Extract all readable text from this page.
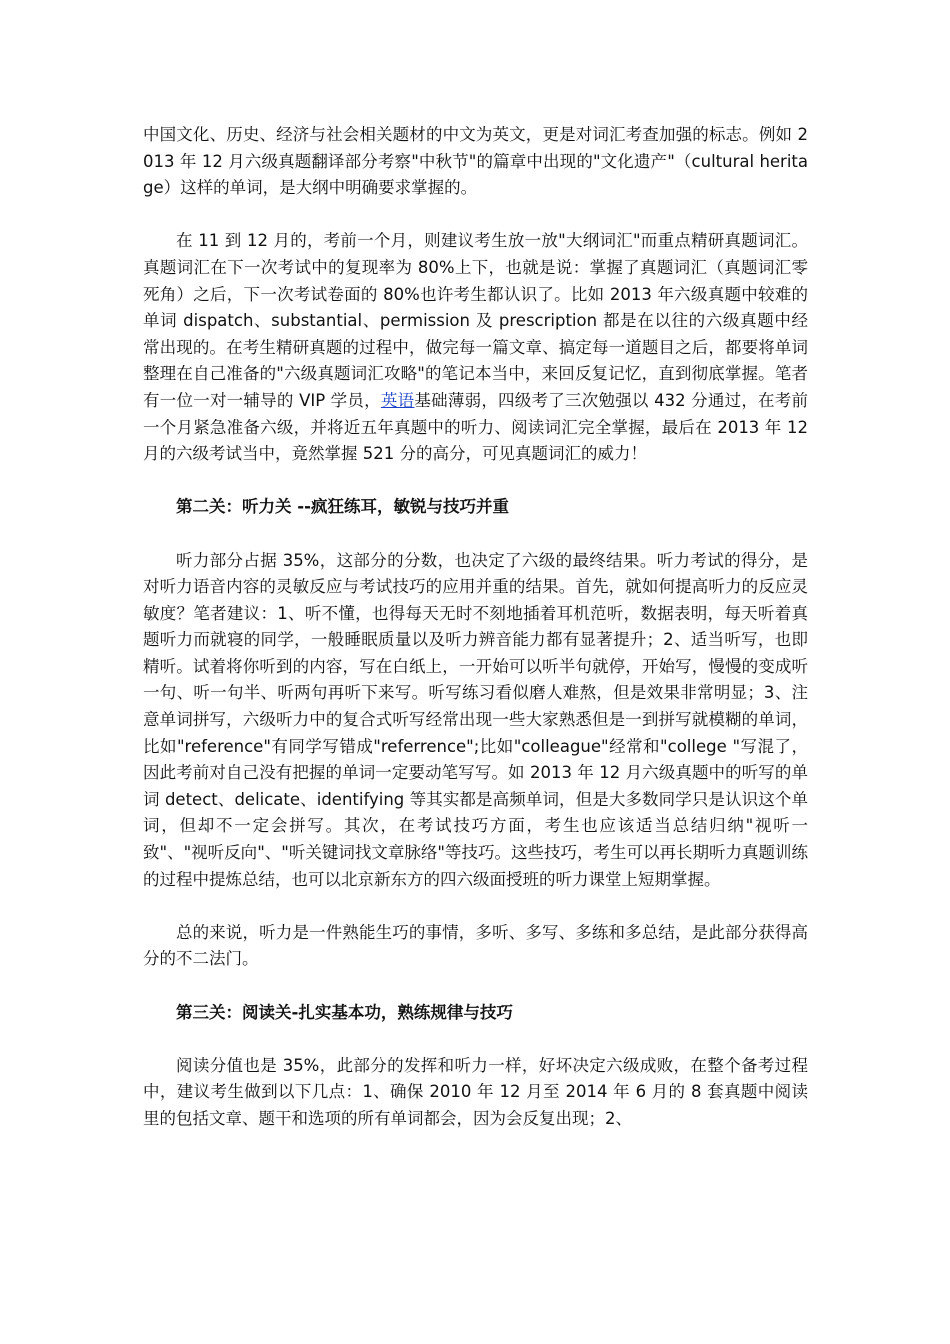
中国文化、历史、经济与社会相关题材的中文为英文，更是对词汇考查加强的标志。例如 2013 年 12 月六级真题翻译部分考察"中秋节"的篇章中出现的"文化遗产"（cultural heritage）这样的单词，是大纲中明确要求掌握的。

在 11 到 12 月的，考前一个月，则建议考生放一放"大纲词汇"而重点精研真题词汇。真题词汇在下一次考试中的复现率为 80%上下，也就是说：掌握了真题词汇（真题词汇零死角）之后，下一次考试卷面的 80%也许考生都认识了。比如 2013 年六级真题中较难的单词 dispatch、substantial、permission 及 prescription 都是在以往的六级真题中经常出现的。在考生精研真题的过程中，做完每一篇文章、搞定每一道题目之后，都要将单词整理在自己准备的"六级真题词汇攻略"的笔记本当中，来回反复记忆，直到彻底掌握。笔者有一位一对一辅导的 VIP 学员，英语基础薄弱，四级考了三次勉强以 432 分通过，在考前一个月紧急准备六级，并将近五年真题中的听力、阅读词汇完全掌握，最后在 2013 年 12 月的六级考试当中，竟然掌握 521 分的高分，可见真题词汇的威力！

第二关：听力关 --疯狂练耳，敏锐与技巧并重

听力部分占据 35%，这部分的分数，也决定了六级的最终结果。听力考试的得分，是对听力语音内容的灵敏反应与考试技巧的应用并重的结果。首先，就如何提高听力的反应灵敏度？笔者建议：1、听不懂，也得每天无时不刻地插着耳机范听，数据表明，每天听着真题听力而就寝的同学，一般睡眠质量以及听力辨音能力都有显著提升；2、适当听写，也即精听。试着将你听到的内容，写在白纸上，一开始可以听半句就停，开始写，慢慢的变成听一句、听一句半、听两句再听下来写。听写练习看似磨人难熬，但是效果非常明显；3、注意单词拼写，六级听力中的复合式听写经常出现一些大家熟悉但是一到拼写就模糊的单词，比如"reference"有同学写错成"referrence";比如"colleague"经常和"college "写混了，因此考前对自己没有把握的单词一定要动笔写写。如 2013 年 12 月六级真题中的听写的单词 detect、delicate、identifying 等其实都是高频单词，但是大多数同学只是认识这个单词，但却不一定会拼写。其次，在考试技巧方面，考生也应该适当总结归纳"视听一致"、"视听反向"、"听关键词找文章脉络"等技巧。这些技巧，考生可以再长期听力真题训练的过程中提炼总结，也可以北京新东方的四六级面授班的听力课堂上短期掌握。

总的来说，听力是一件熟能生巧的事情，多听、多写、多练和多总结，是此部分获得高分的不二法门。

第三关：阅读关-扎实基本功，熟练规律与技巧

阅读分值也是 35%，此部分的发挥和听力一样，好坏决定六级成败，在整个备考过程中，建议考生做到以下几点：1、确保 2010 年 12 月至 2014 年 6 月的 8 套真题中阅读里的包括文章、题干和选项的所有单词都会，因为会反复出现；2、
